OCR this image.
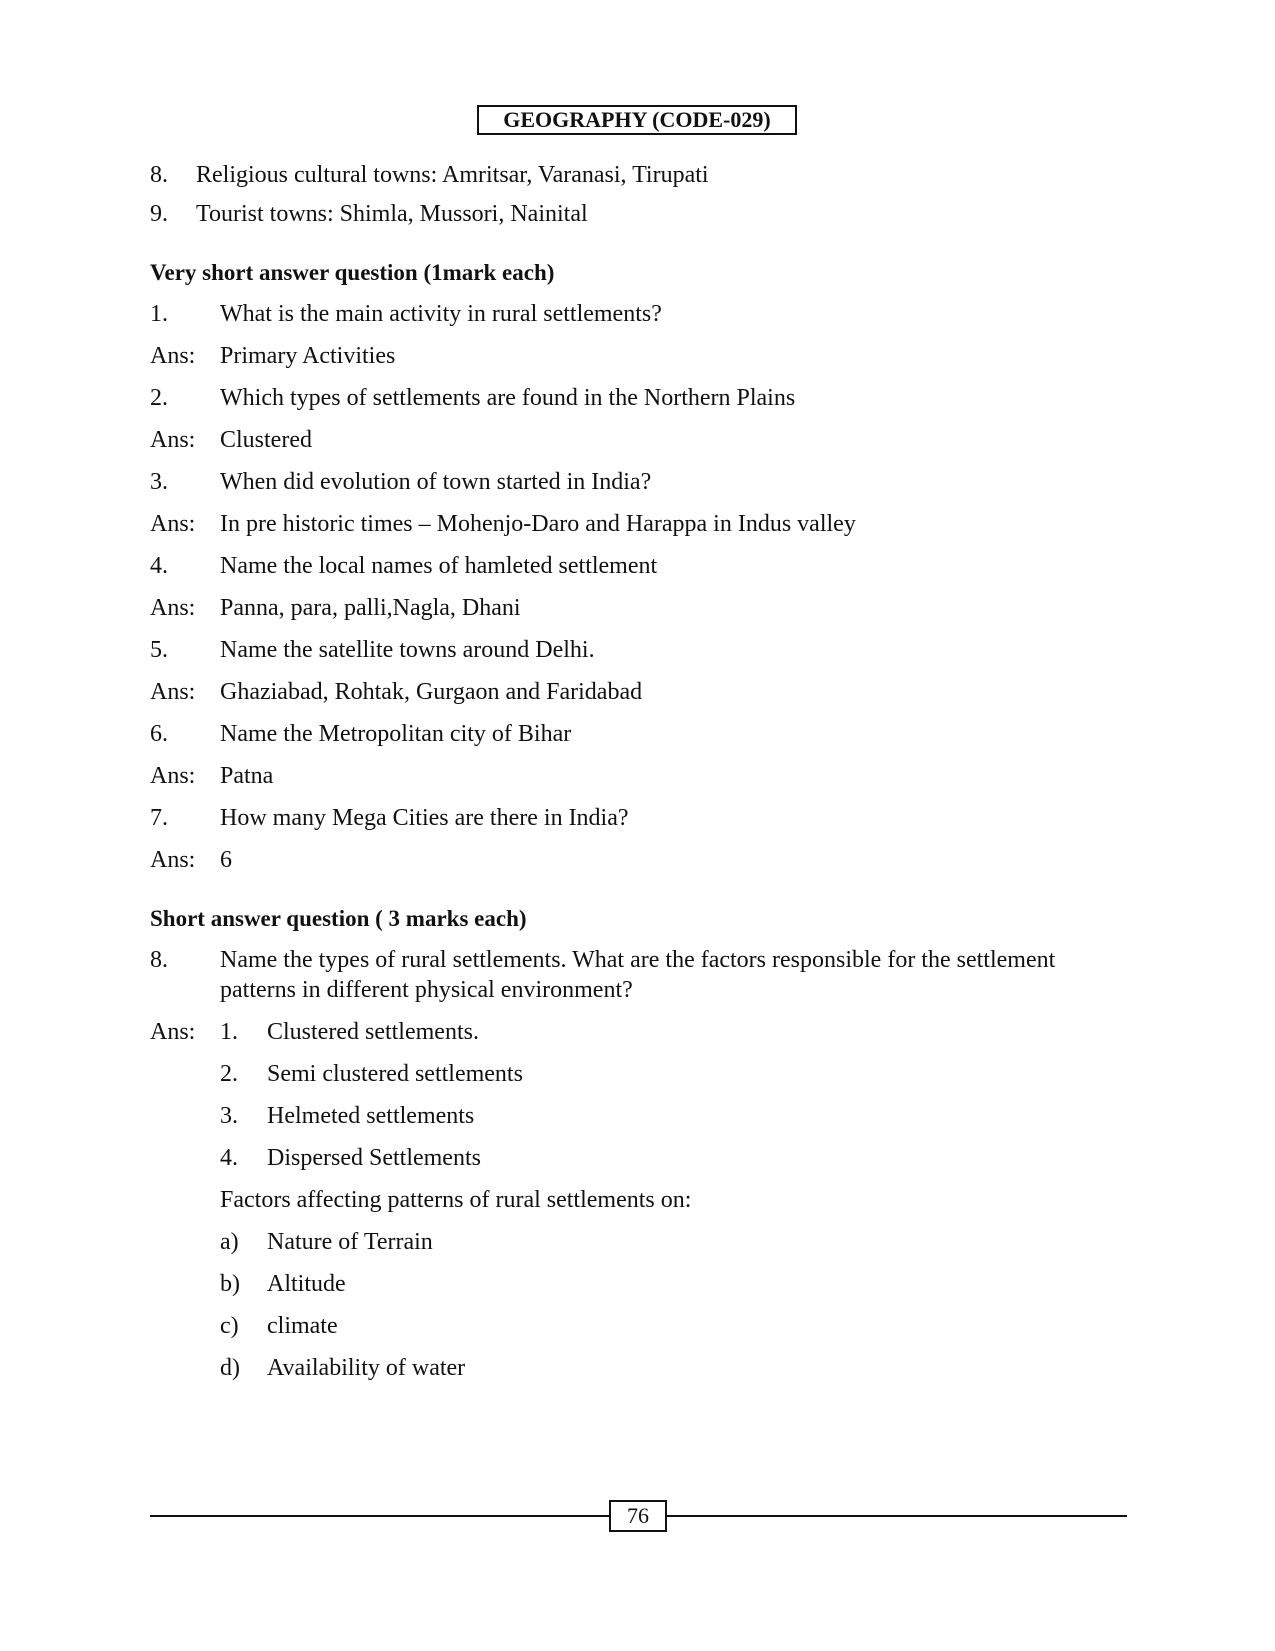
GEOGRAPHY (CODE-029)
8. Religious cultural towns: Amritsar, Varanasi, Tirupati
9. Tourist towns: Shimla, Mussori, Nainital
Very short answer question (1mark each)
1. What is the main activity in rural settlements?
Ans: Primary Activities
2. Which types of settlements are found in the Northern Plains
Ans: Clustered
3. When did evolution of town started in India?
Ans: In pre historic times – Mohenjo-Daro and Harappa in Indus valley
4. Name the local names of hamleted settlement
Ans: Panna, para, palli,Nagla, Dhani
5. Name the satellite towns around Delhi.
Ans: Ghaziabad, Rohtak, Gurgaon and Faridabad
6. Name the Metropolitan city of Bihar
Ans: Patna
7. How many Mega Cities are there in India?
Ans: 6
Short answer question ( 3 marks each)
8. Name the types of rural settlements. What are the factors responsible for the settlement
patterns in different physical environment?
Ans: 1. Clustered settlements.
2. Semi clustered settlements
3. Helmeted settlements
4. Dispersed Settlements
Factors affecting patterns of rural settlements on:
a) Nature of Terrain
b) Altitude
c) climate
d) Availability of water
76
